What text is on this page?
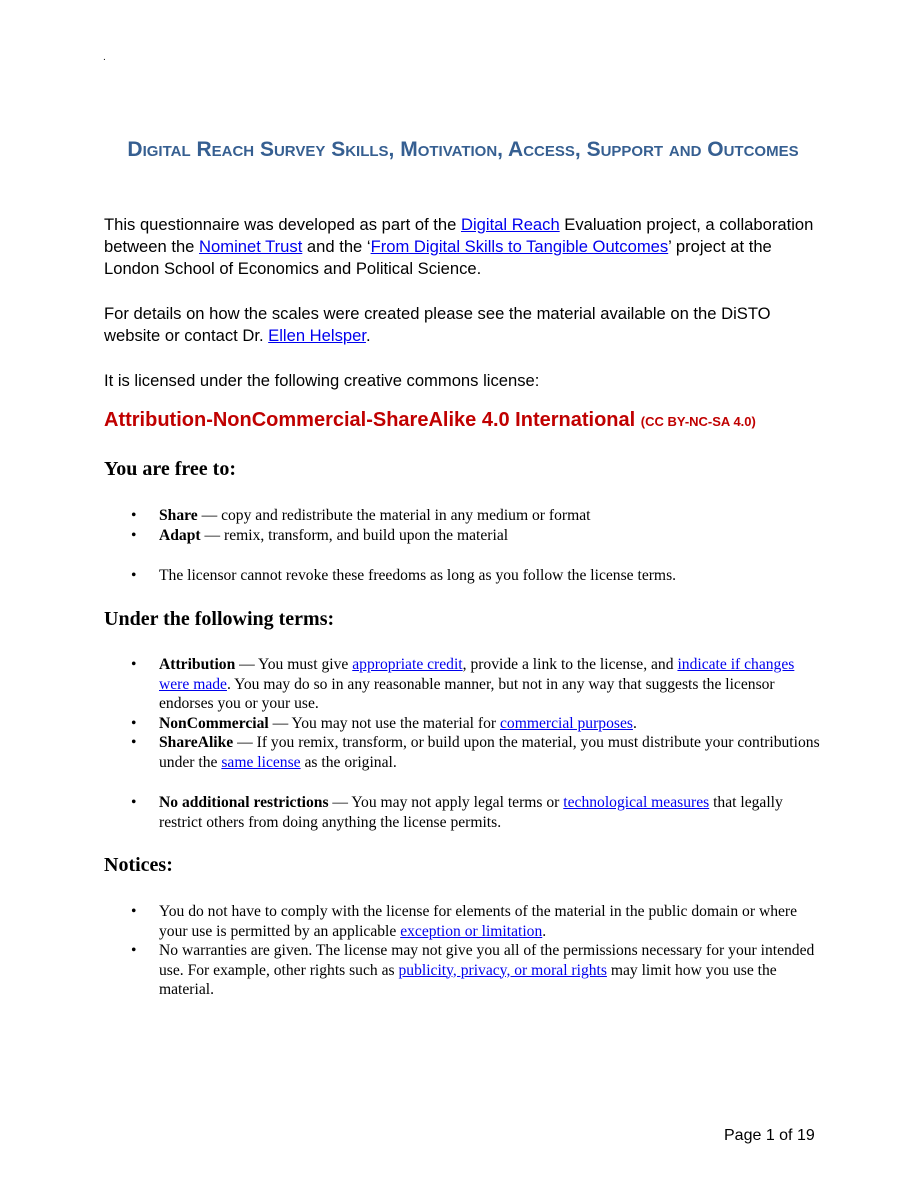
.
Digital Reach Survey Skills, Motivation, Access, Support and Outcomes
This questionnaire was developed as part of the Digital Reach Evaluation project, a collaboration between the Nominet Trust and the ‘From Digital Skills to Tangible Outcomes’ project at the London School of Economics and Political Science.
For details on how the scales were created please see the material available on the DiSTO website or contact Dr. Ellen Helsper.
It is licensed under the following creative commons license:
Attribution-NonCommercial-ShareAlike 4.0 International (CC BY-NC-SA 4.0)
You are free to:
• Share — copy and redistribute the material in any medium or format
• Adapt — remix, transform, and build upon the material
• The licensor cannot revoke these freedoms as long as you follow the license terms.
Under the following terms:
• Attribution — You must give appropriate credit, provide a link to the license, and indicate if changes were made. You may do so in any reasonable manner, but not in any way that suggests the licensor endorses you or your use.
• NonCommercial — You may not use the material for commercial purposes.
• ShareAlike — If you remix, transform, or build upon the material, you must distribute your contributions under the same license as the original.
• No additional restrictions — You may not apply legal terms or technological measures that legally restrict others from doing anything the license permits.
Notices:
• You do not have to comply with the license for elements of the material in the public domain or where your use is permitted by an applicable exception or limitation.
• No warranties are given. The license may not give you all of the permissions necessary for your intended use. For example, other rights such as publicity, privacy, or moral rights may limit how you use the material.
Page 1 of 19
